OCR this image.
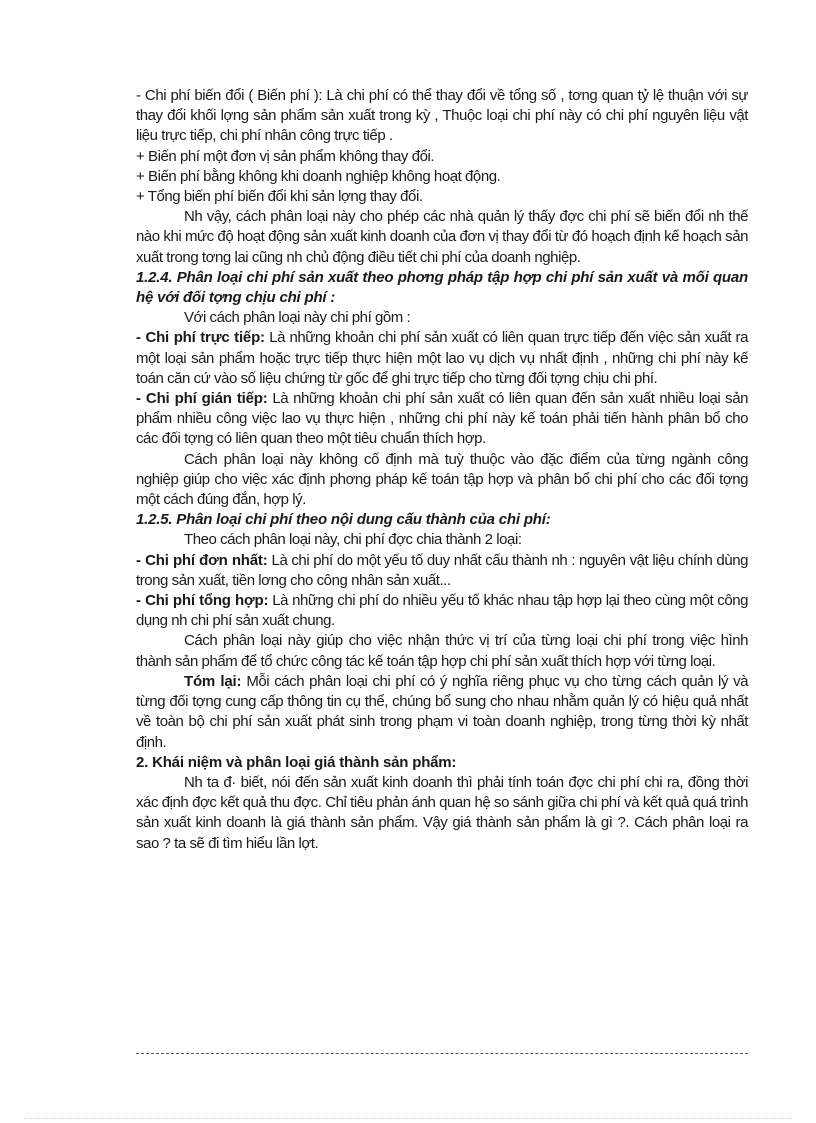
- Chi phí biến đổi ( Biến phí ): Là chi phí có thể thay đổi về tổng số , tơng quan tỷ lệ thuận với sự thay đổi khối lợng sản phẩm sản xuất trong kỳ , Thuộc loại chi phí này có chi phí nguyên liệu vật liệu trực tiếp, chi phí nhân công trực tiếp .

+ Biến phí một đơn vị sản phẩm không thay đổi.

+ Biến phí bằng không khi doanh nghiệp không hoạt động.

+ Tổng biến phí biến đổi khi sản lợng thay đổi.

Nh vậy, cách phân loại này cho phép các nhà quản lý thấy đợc chi phí sẽ biến đổi nh thế nào khi mức độ hoạt động sản xuất kinh doanh của đơn vị thay đổi từ đó hoạch định kế hoạch sản xuất trong tơng lai cũng nh chủ động điều tiết chi phí của doanh nghiệp.

1.2.4. Phân loại chi phí sản xuất theo phơng pháp tập hợp chi phí sản xuất và mối quan hệ với đối tợng chịu chi phí :

Với cách phân loại này chi phí gồm :

- Chi phí trực tiếp: Là những khoản chi phí sản xuất có liên quan trực tiếp đến việc sản xuất ra một loại sản phẩm hoặc trực tiếp thực hiện một lao vụ dịch vụ nhất định , những chi phí này kế toán căn cứ vào số liệu chứng từ gốc để ghi trực tiếp cho từng đối tợng chịu chi phí.

- Chi phí gián tiếp: Là những khoản chi phí sản xuất có liên quan đến sản xuất nhiều loại sản phẩm nhiều công việc lao vụ thực hiện , những chi phí này kế toán phải tiến hành phân bổ cho các đối tợng có liên quan theo một tiêu chuẩn thích hợp.

Cách phân loại này không cố định mà tuỳ thuộc vào đặc điểm của từng ngành công nghiệp giúp cho việc xác định phơng pháp kế toán tập hợp và phân bổ chi phí cho các đối tợng một cách đúng đắn, hợp lý.

1.2.5. Phân loại chi phí theo nội dung cấu thành của chi phí:

Theo cách phân loại này, chi phí đợc chia thành 2 loại:

- Chi phí đơn nhất: Là chi phí do một yếu tố duy nhất cấu thành nh : nguyên vật liệu chính dùng trong sản xuất, tiền lơng cho công nhân sản xuất...

- Chi phí tổng hợp: Là những chi phí do nhiều yếu tố khác nhau tập hợp lại theo cùng một công dụng nh chi phí sản xuất chung.

Cách phân loại này giúp cho việc nhận thức vị trí của từng loại chi phí trong việc hình thành sản phẩm để tổ chức công tác kế toán tập hợp chi phí sản xuất thích hợp với từng loại.

Tóm lại: Mỗi cách phân loại chi phí có ý nghĩa riêng phục vụ cho từng cách quản lý và từng đối tợng cung cấp thông tin cụ thể, chúng bổ sung cho nhau nhằm quản lý có hiệu quả nhất về toàn bộ chi phí sản xuất phát sinh trong phạm vi toàn doanh nghiệp, trong từng thời kỳ nhất định.

2. Khái niệm và phân loại giá thành sản phẩm:

Nh ta đ· biết, nói đến sản xuất kinh doanh thì phải tính toán đợc chi phí chi ra, đồng thời xác định đợc kết quả thu đợc. Chỉ tiêu phản ánh quan hệ so sánh giữa chi phí và kết quả quá trình sản xuất kinh doanh là giá thành sản phẩm. Vậy giá thành sản phẩm là gì ?. Cách phân loại ra sao ? ta sẽ đi tìm hiểu lần lợt.
